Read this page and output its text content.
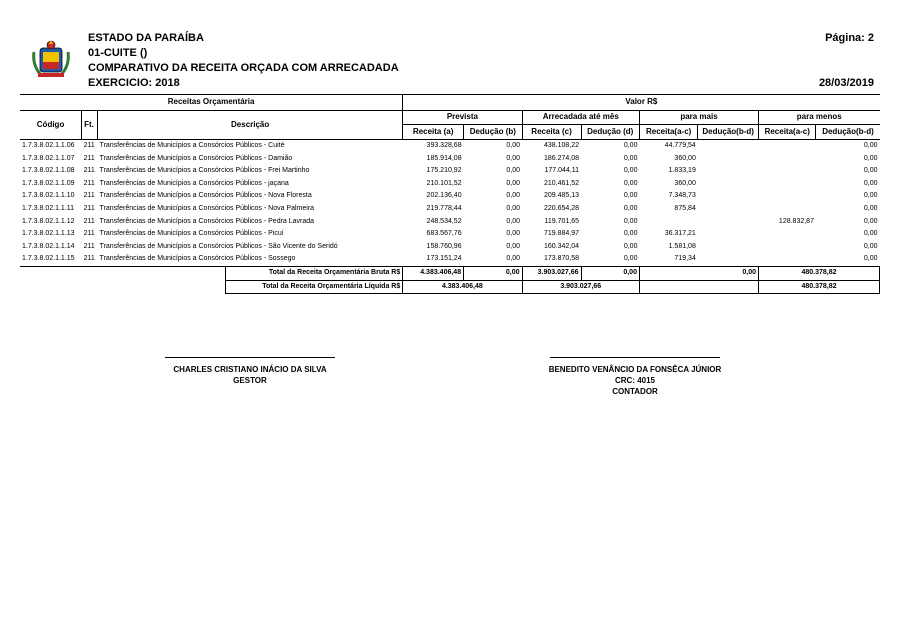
ESTADO DA PARAÍBA
01-CUITE ()
COMPARATIVO DA RECEITA ORÇADA COM ARRECADADA
EXERCICIO: 2018
Página: 2
28/03/2019
Receitas Orçamentária				Valor R$							
Código	Ft.	Descrição		Prevista		Arrecadada até mês		para mais		para menos	
				Receita (a)	Dedução (b)	Receita (c)	Dedução (d)	Receita(a-c)	Dedução(b-d)	Receita(a-c)	Dedução(b-d)
1.7.3.8.02.1.1.06	211	Transferências de Municípios a Consórcios Públicos - Cuité		393.328,68	0,00	438.108,22	0,00	44.779,54			0,00
1.7.3.8.02.1.1.07	211	Transferências de Municípios a Consórcios Públicos - Damião		185.914,08	0,00	186.274,08	0,00	360,00			0,00
1.7.3.8.02.1.1.08	211	Transferências de Municípios a Consórcios Públicos - Frei Martinho		175.210,92	0,00	177.044,11	0,00	1.833,19			0,00
1.7.3.8.02.1.1.09	211	Transferências de Municípios a Consórcios Públicos - jaçana		210.101,52	0,00	210.461,52	0,00	360,00			0,00
1.7.3.8.02.1.1.10	211	Transferências de Municípios a Consórcios Públicos - Nova Floresta		202.136,40	0,00	209.485,13	0,00	7.348,73			0,00
1.7.3.8.02.1.1.11	211	Transferências de Municípios a Consórcios Públicos - Nova Palmeira		219.778,44	0,00	220.654,28	0,00	875,84			0,00
1.7.3.8.02.1.1.12	211	Transferências de Municípios a Consórcios Públicos - Pedra Lavrada		248.534,52	0,00	119.701,65	0,00			128.832,87	0,00
1.7.3.8.02.1.1.13	211	Transferências de Municípios a Consórcios Públicos - Picuí		683.567,76	0,00	719.884,97	0,00	36.317,21			0,00
1.7.3.8.02.1.1.14	211	Transferências de Municípios a Consórcios Públicos - São Vicente do Seridó		158.760,96	0,00	160.342,04	0,00	1.581,08			0,00
1.7.3.8.02.1.1.15	211	Transferências de Municípios a Consórcios Públicos - Sossego		173.151,24	0,00	173.870,58	0,00	719,34			0,00
			Total da Receita Orçamentária Bruta R$	4.383.406,48	0,00	3.903.027,66	0,00	0,00		480.378,82	
			Total da Receita Orçamentária Líquida R$	4.383.406,48		3.903.027,66				480.378,82	
CHARLES CRISTIANO INÁCIO DA SILVA
GESTOR
BENEDITO VENÂNCIO DA FONSÊCA JÚNIOR
CRC: 4015
CONTADOR
